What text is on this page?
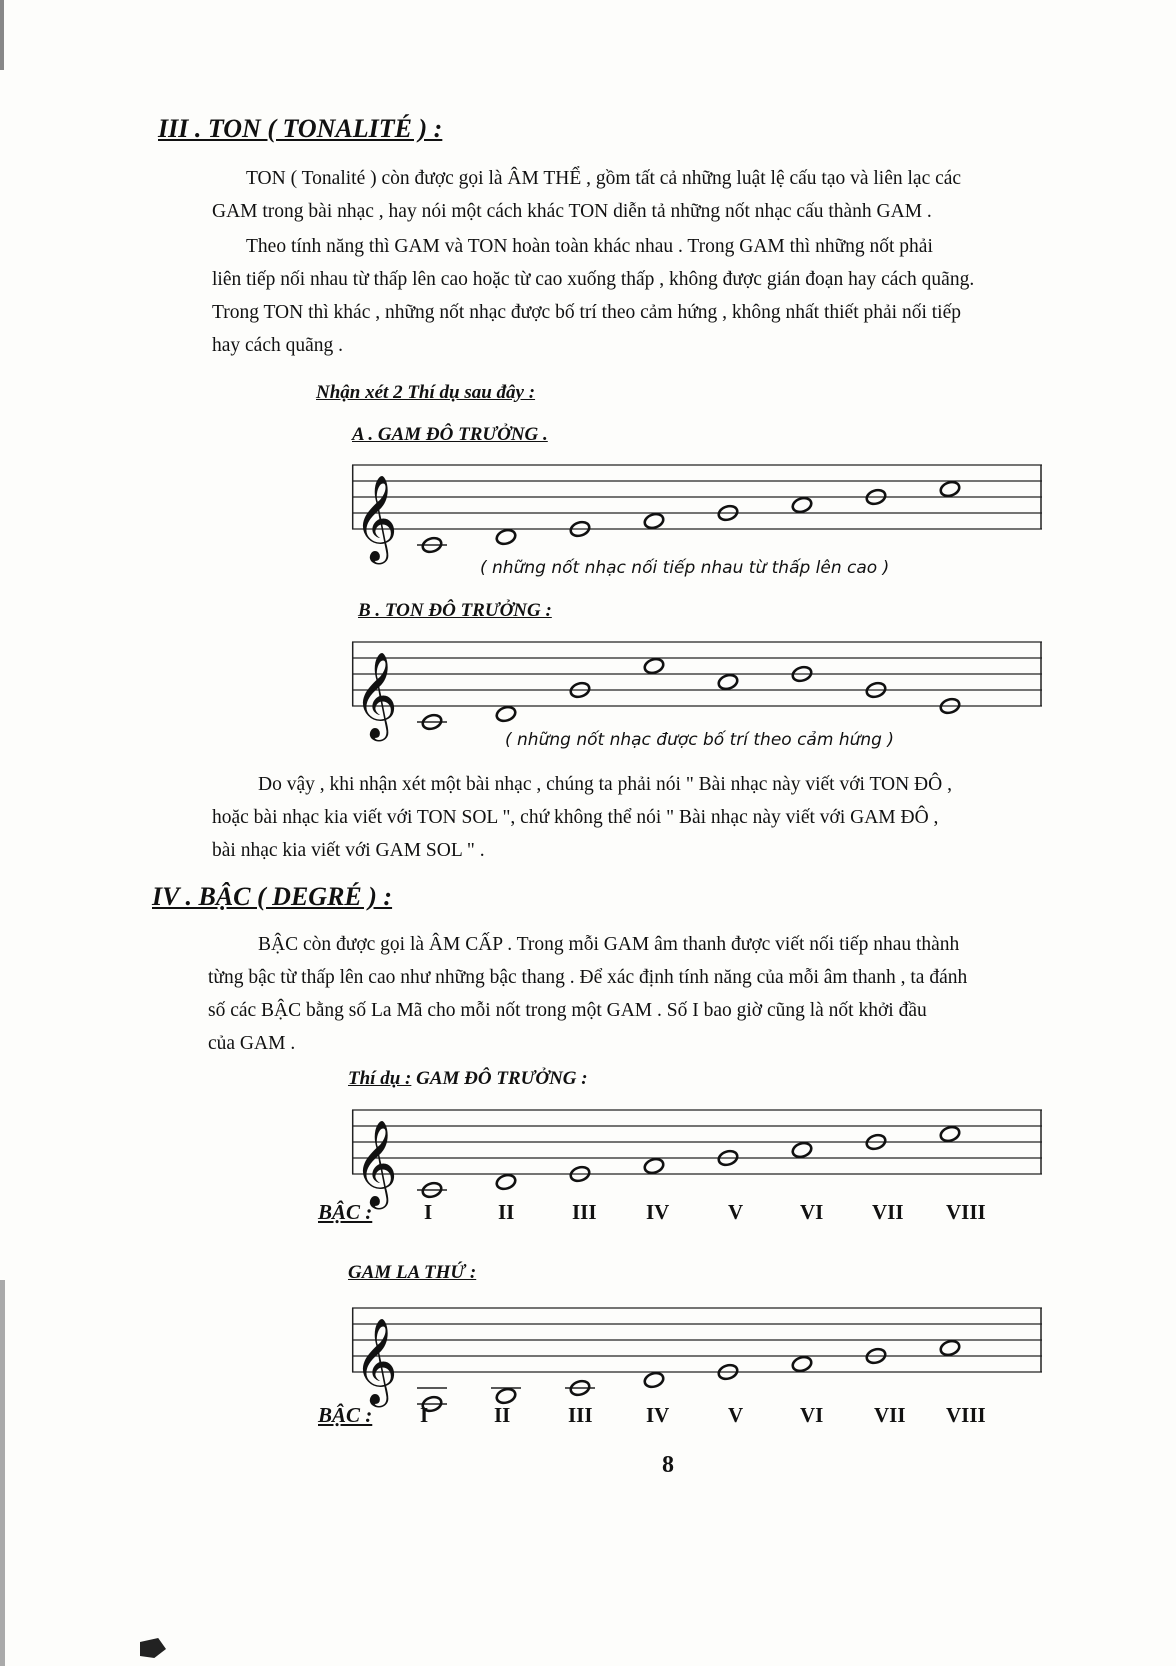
III . TON ( TONALITÉ ) :
TON ( Tonalité ) còn được gọi là ÂM THỂ , gồm tất cả những luật lệ cấu tạo và liên lạc các
GAM trong bài nhạc , hay nói một cách khác TON diễn tả những nốt nhạc cấu thành GAM .
Theo tính năng thì GAM và TON hoàn toàn khác nhau . Trong GAM thì những nốt phải
liên tiếp nối nhau từ thấp lên cao hoặc từ cao xuống thấp , không được gián đoạn hay cách quãng.
Trong TON thì khác , những nốt nhạc được bố trí theo cảm hứng , không nhất thiết phải nối tiếp
hay cách quãng .
Nhận xét 2 Thí dụ sau đây :
A . GAM ĐÔ TRƯỞNG .
𝄞
( những nốt nhạc nối tiếp nhau từ thấp lên cao )
B . TON ĐÔ TRƯỞNG :
𝄞
( những nốt nhạc được bố trí theo cảm hứng )
Do vậy , khi nhận xét một bài nhạc , chúng ta phải nói " Bài nhạc này viết với TON ĐÔ ,
hoặc bài nhạc kia viết với TON SOL ", chứ không thể nói " Bài nhạc này viết với GAM ĐÔ ,
bài nhạc kia viết với GAM SOL " .
IV . BẬC ( DEGRÉ ) :
BẬC còn được gọi là ÂM CẤP . Trong mỗi GAM âm thanh được viết nối tiếp nhau thành
từng bậc từ thấp lên cao như những bậc thang . Để xác định tính năng của mỗi âm thanh , ta đánh
số các BẬC bằng số La Mã cho mỗi nốt trong một GAM . Số I bao giờ cũng là nốt khởi đầu
của GAM .
Thí dụ : GAM ĐÔ TRƯỞNG :
𝄞
BẬC : I	II	III IV	V	VI VII VIII
GAM LA THỨ :
𝄞
BẬC : I	II	III	IV	V	VI VII VIII
8
